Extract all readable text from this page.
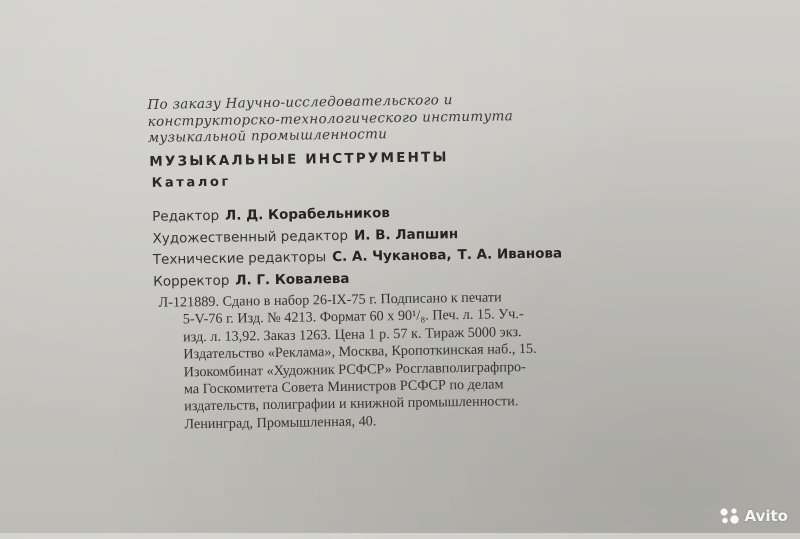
По заказу Научно-исследовательского и
конструкторско-технологического института
музыкальной промышленности
МУЗЫКАЛЬНЫЕ ИНСТРУМЕНТЫ
Каталог
Редактор Л. Д. Корабельников
Художественный редактор И. В. Лапшин
Технические редакторы С. А. Чуканова, Т. А. Иванова
Корректор Л. Г. Ковалева
Л-121889. Сдано в набор 26-IX-75 г. Подписано к печати
5-V-76 г. Изд. № 4213. Формат 60 х 90¹/₈. Печ. л. 15. Уч.-
изд. л. 13,92. Заказ 1263. Цена 1 р. 57 к. Тираж 5000 экз.
Издательство «Реклама», Москва, Кропоткинская наб., 15.
Изокомбинат «Художник РСФСР» Росглавполиграфпро-
ма Госкомитета Совета Министров РСФСР по делам
издательств, полиграфии и книжной промышленности.
Ленинград, Промышленная, 40.
Avito
